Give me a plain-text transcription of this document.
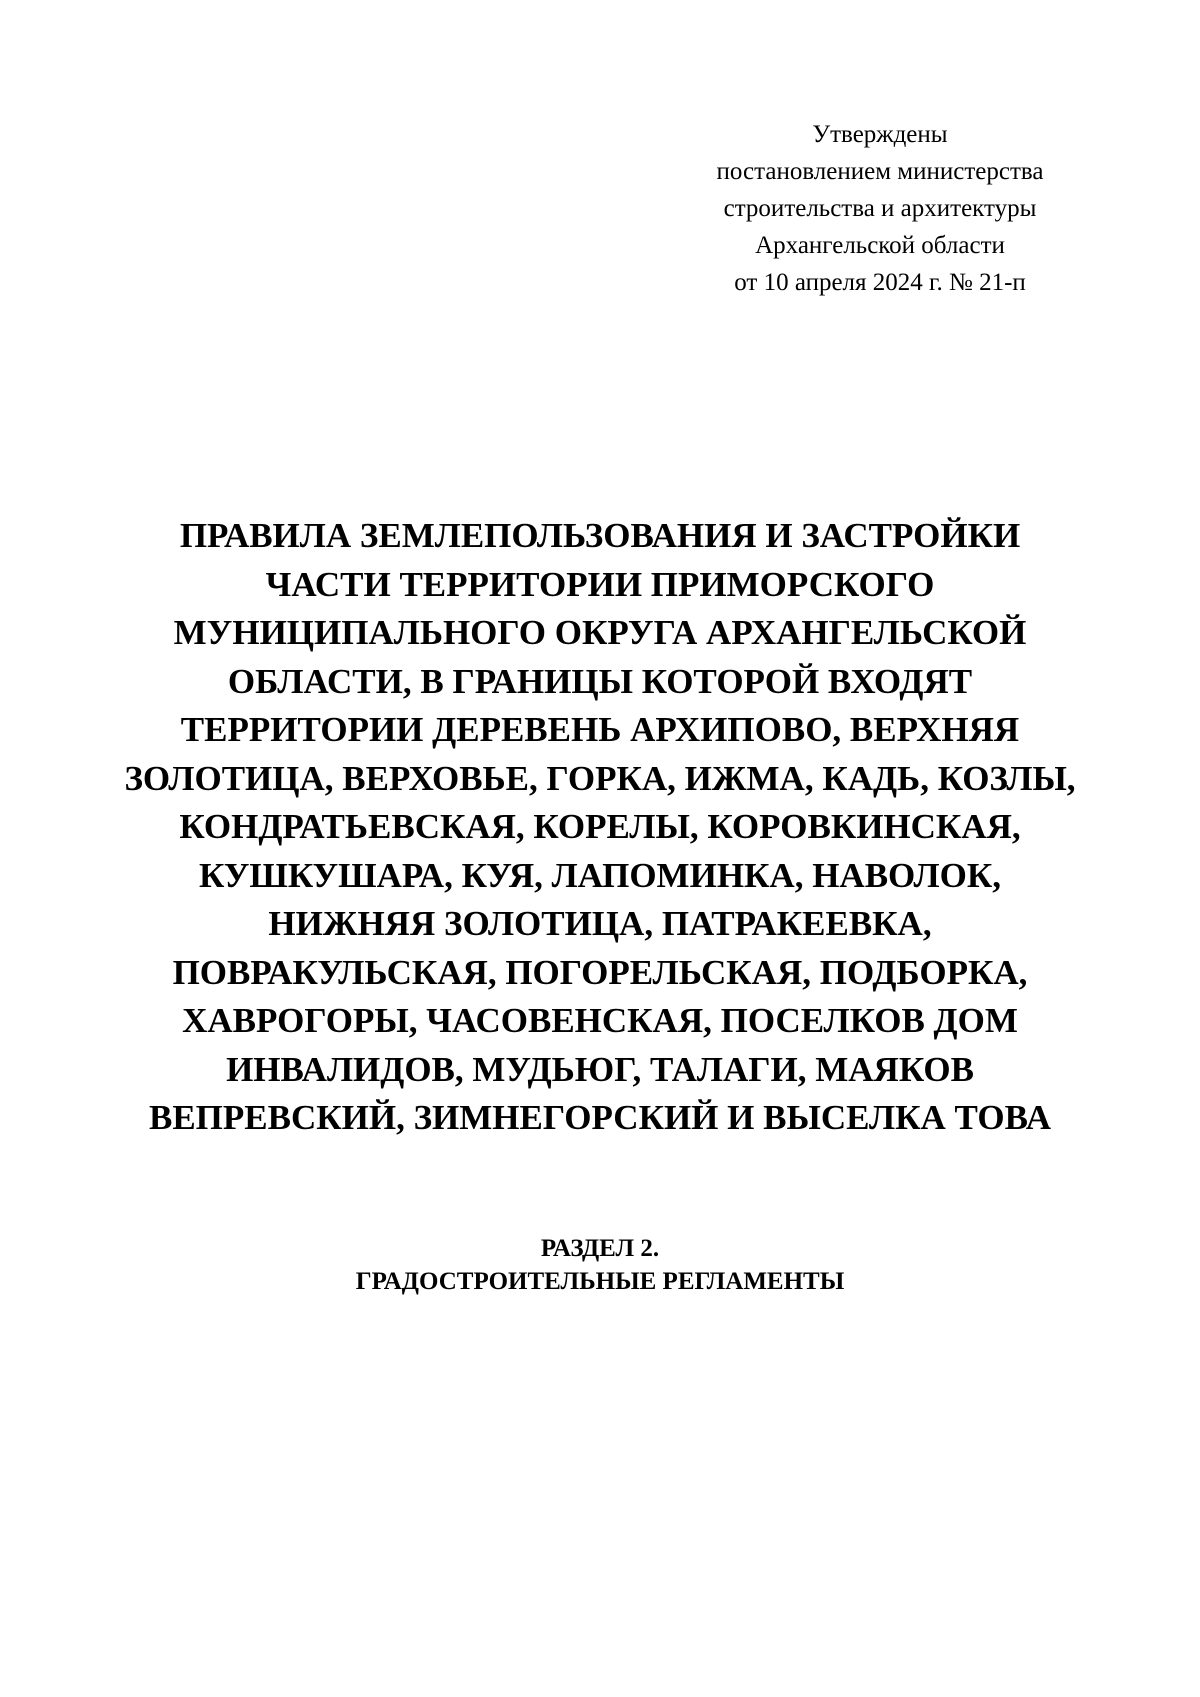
Утверждены
постановлением министерства
строительства и архитектуры
Архангельской области
от 10 апреля 2024 г. № 21-п
ПРАВИЛА ЗЕМЛЕПОЛЬЗОВАНИЯ И ЗАСТРОЙКИ
ЧАСТИ ТЕРРИТОРИИ ПРИМОРСКОГО
МУНИЦИПАЛЬНОГО ОКРУГА АРХАНГЕЛЬСКОЙ
ОБЛАСТИ, В ГРАНИЦЫ КОТОРОЙ ВХОДЯТ
ТЕРРИТОРИИ ДЕРЕВЕНЬ АРХИПОВО, ВЕРХНЯЯ
ЗОЛОТИЦА, ВЕРХОВЬЕ, ГОРКА, ИЖМА, КАДЬ, КОЗЛЫ,
КОНДРАТЬЕВСКАЯ, КОРЕЛЫ, КОРОВКИНСКАЯ,
КУШКУШАРА, КУЯ, ЛАПОМИНКА, НАВОЛОК,
НИЖНЯЯ ЗОЛОТИЦА, ПАТРАКЕЕВКА,
ПОВРАКУЛЬСКАЯ, ПОГОРЕЛЬСКАЯ, ПОДБОРКА,
ХАВРОГОРЫ, ЧАСОВЕНСКАЯ, ПОСЕЛКОВ ДОМ
ИНВАЛИДОВ, МУДЬЮГ, ТАЛАГИ, МАЯКОВ
ВЕПРЕВСКИЙ, ЗИМНЕГОРСКИЙ И ВЫСЕЛКА ТОВА
РАЗДЕЛ 2.
ГРАДОСТРОИТЕЛЬНЫЕ РЕГЛАМЕНТЫ
